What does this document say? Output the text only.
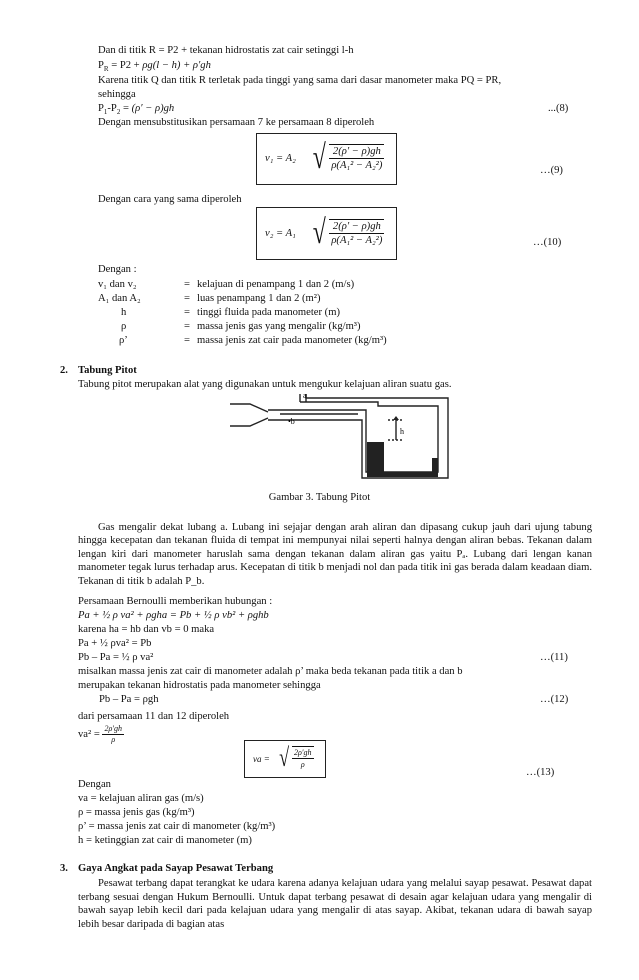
Dan di titik R = P2 + tekanan hidrostatis zat cair setinggi l-h
$P_R = P2 + \rho g(l - h) + \rho'gh$
Karena titik Q dan titik R terletak pada tinggi yang sama dari dasar manometer maka PQ = PR,
sehingga
$P_1-P_2 = (\rho' - \rho)gh$	...(8)
Dengan mensubstitusikan persamaan 7 ke persamaan 8 diperoleh
v₁ = A₂ √ $\frac{2(\rho' - \rho)gh}{\text{ρ(A₁² − A₂²)}}$	…(9)
Dengan cara yang sama diperoleh
v₂ = A₁ √ $\frac{2(\rho' - \rho)gh}{\text{ρ(A₁² − A₂²)}}$	…(10)
Dengan :
v₁ dan v₂	= kelajuan di penampang 1 dan 2 (m/s)
A₁ dan A₂	= luas penampang 1 dan 2 (m²)
h	= tinggi fluida pada manometer (m)
ρ	= massa jenis gas yang mengalir (kg/m³)
ρ’	= massa jenis zat cair pada manometer (kg/m³)
2. Tabung Pitot
Tabung pitot merupakan alat yang digunakan untuk mengukur kelajuan aliran suatu gas.
a
•b
h
Gambar 3. Tabung Pitot
Gas mengalir dekat lubang a. Lubang ini sejajar dengan arah aliran dan dipasang cukup jauh dari ujung tabung hingga kecepatan dan tekanan fluida di tempat ini mempunyai nilai seperti halnya dengan aliran bebas. Tekanan dalam lengan kiri dari manometer haruslah sama dengan tekanan dalam aliran gas yaitu Pₐ. Lubang dari lengan kanan manometer tegak lurus terhadap arus. Kecepatan di titik b menjadi nol dan pada titik ini gas berada dalam keadaan diam. Tekanan di titik b adalah P_b.
Persamaan Bernoulli memberikan hubungan :
Pa + ½ ρ va² + ρgha = Pb + ½ ρ vb² + ρghb
karena ha = hb dan vb = 0 maka
Pa + ½ ρva² = Pb
Pb – Pa = ½ ρ va²	…(11)
misalkan massa jenis zat cair di manometer adalah ρ’ maka beda tekanan pada titik a dan b
merupakan tekanan hidrostatis pada manometer sehingga
Pb – Pa = ρgh	…(12)
dari persamaan 11 dan 12 diperoleh
$va^2 = \frac{2\rho'gh}{\rho}$
va = √ $\frac{2\rho'gh}{\rho}$
…(13)
Dengan
va = kelajuan aliran gas (m/s)
ρ = massa jenis gas (kg/m³)
ρ’ = massa jenis zat cair di manometer (kg/m³)
h = ketinggian zat cair di manometer (m)
3. Gaya Angkat pada Sayap Pesawat Terbang
Pesawat terbang dapat terangkat ke udara karena adanya kelajuan udara yang melalui sayap pesawat. Pesawat dapat terbang sesuai dengan Hukum Bernoulli. Untuk dapat terbang pesawat di desain agar kelajuan udara yang mengalir di bawah sayap lebih kecil dari pada kelajuan udara yang mengalir di atas sayap. Akibat, tekanan udara di bawah sayap lebih besar daripada di bagian atas
